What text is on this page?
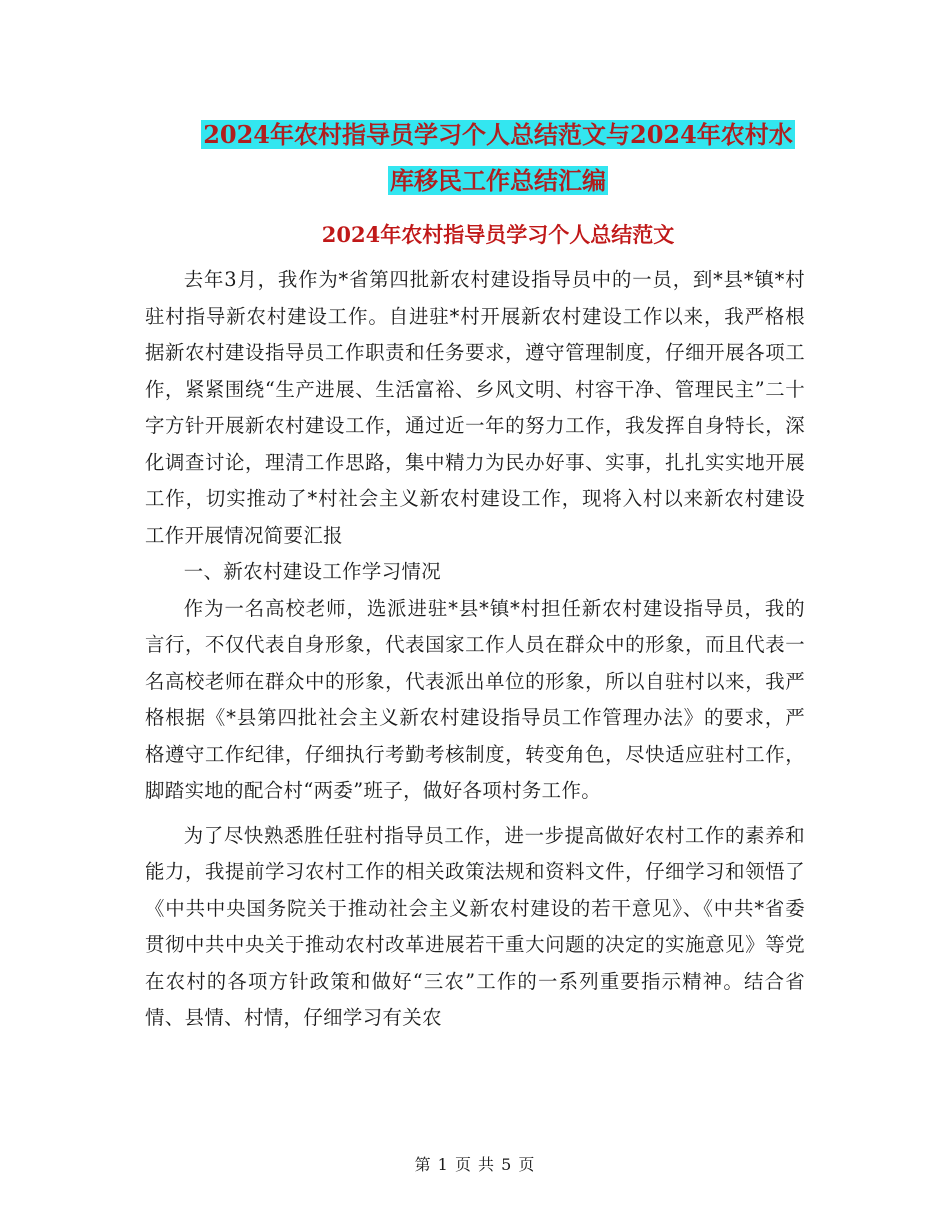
2024年农村指导员学习个人总结范文与2024年农村水
库移民工作总结汇编
2024年农村指导员学习个人总结范文

去年3月，我作为*省第四批新农村建设指导员中的一员，到*县*镇*村驻村指导新农村建设工作。自进驻*村开展新农村建设工作以来，我严格根据新农村建设指导员工作职责和任务要求，遵守管理制度，仔细开展各项工作，紧紧围绕“生产进展、生活富裕、乡风文明、村容干净、管理民主”二十字方针开展新农村建设工作，通过近一年的努力工作，我发挥自身特长，深化调查讨论，理清工作思路，集中精力为民办好事、实事，扎扎实实地开展工作，切实推动了*村社会主义新农村建设工作，现将入村以来新农村建设工作开展情况简要汇报

一、新农村建设工作学习情况

作为一名高校老师，选派进驻*县*镇*村担任新农村建设指导员，我的言行，不仅代表自身形象，代表国家工作人员在群众中的形象，而且代表一名高校老师在群众中的形象，代表派出单位的形象，所以自驻村以来，我严格根据《*县第四批社会主义新农村建设指导员工作管理办法》的要求，严格遵守工作纪律，仔细执行考勤考核制度，转变角色，尽快适应驻村工作，脚踏实地的配合村“两委”班子，做好各项村务工作。

为了尽快熟悉胜任驻村指导员工作，进一步提高做好农村工作的素养和能力，我提前学习农村工作的相关政策法规和资料文件，仔细学习和领悟了《中共中央国务院关于推动社会主义新农村建设的若干意见》、《中共*省委贯彻中共中央关于推动农村改革进展若干重大问题的决定的实施意见》等党在农村的各项方针政策和做好“三农”工作的一系列重要指示精神。结合省情、县情、村情，仔细学习有关农

第 1 页 共 5 页
